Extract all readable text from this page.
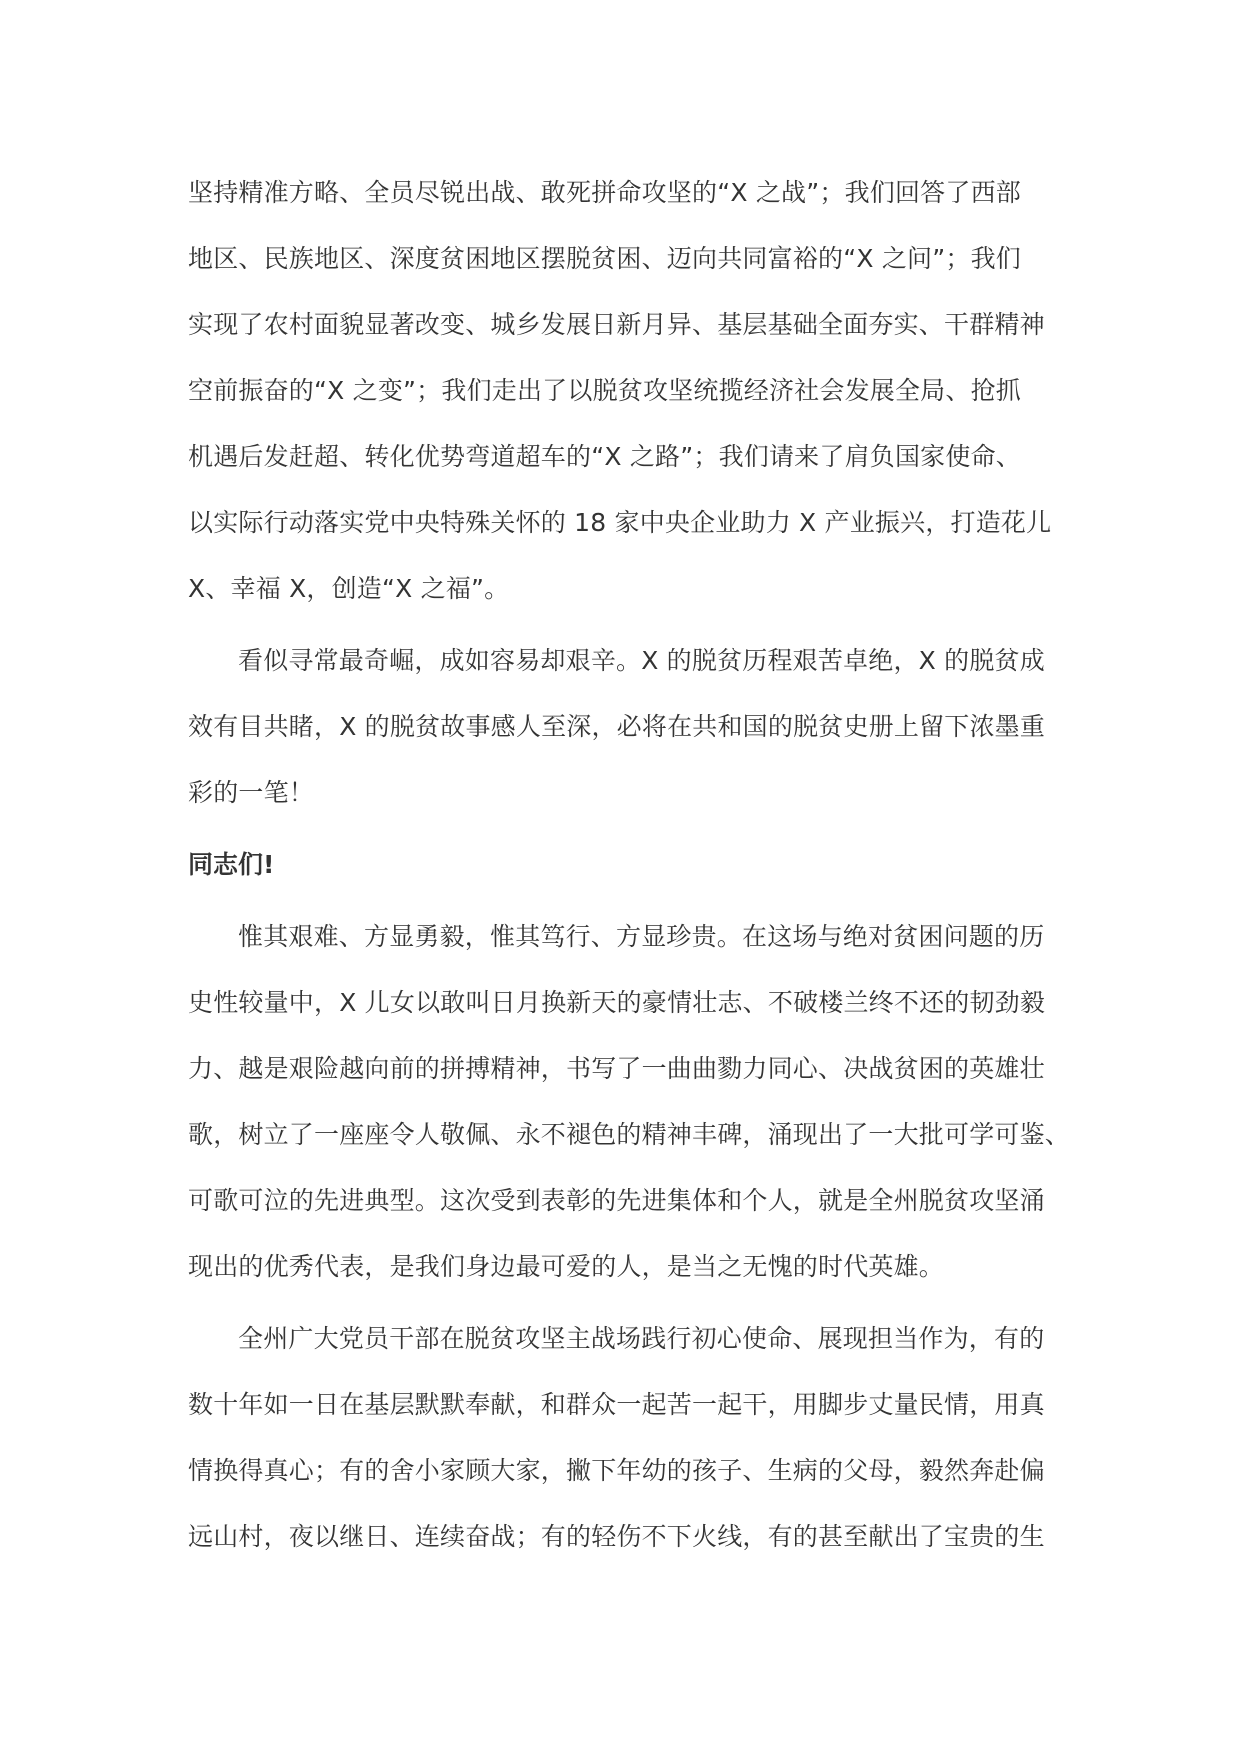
坚持精准方略、全员尽锐出战、敢死拼命攻坚的“X 之战”；我们回答了西部
地区、民族地区、深度贫困地区摆脱贫困、迈向共同富裕的“X 之问”；我们
实现了农村面貌显著改变、城乡发展日新月异、基层基础全面夯实、干群精神
空前振奋的“X 之变”；我们走出了以脱贫攻坚统揽经济社会发展全局、抢抓
机遇后发赶超、转化优势弯道超车的“X 之路”；我们请来了肩负国家使命、
以实际行动落实党中央特殊关怀的 18 家中央企业助力 X 产业振兴，打造花儿
X、幸福 X，创造“X 之福”。

看似寻常最奇崛，成如容易却艰辛。X 的脱贫历程艰苦卓绝，X 的脱贫成
效有目共睹，X 的脱贫故事感人至深，必将在共和国的脱贫史册上留下浓墨重
彩的一笔！

同志们!

惟其艰难、方显勇毅，惟其笃行、方显珍贵。在这场与绝对贫困问题的历
史性较量中，X 儿女以敢叫日月换新天的豪情壮志、不破楼兰终不还的韧劲毅
力、越是艰险越向前的拼搏精神，书写了一曲曲勠力同心、决战贫困的英雄壮
歌，树立了一座座令人敬佩、永不褪色的精神丰碑，涌现出了一大批可学可鉴、
可歌可泣的先进典型。这次受到表彰的先进集体和个人，就是全州脱贫攻坚涌
现出的优秀代表，是我们身边最可爱的人，是当之无愧的时代英雄。

全州广大党员干部在脱贫攻坚主战场践行初心使命、展现担当作为，有的
数十年如一日在基层默默奉献，和群众一起苦一起干，用脚步丈量民情，用真
情换得真心；有的舍小家顾大家，撇下年幼的孩子、生病的父母，毅然奔赴偏
远山村，夜以继日、连续奋战；有的轻伤不下火线，有的甚至献出了宝贵的生
